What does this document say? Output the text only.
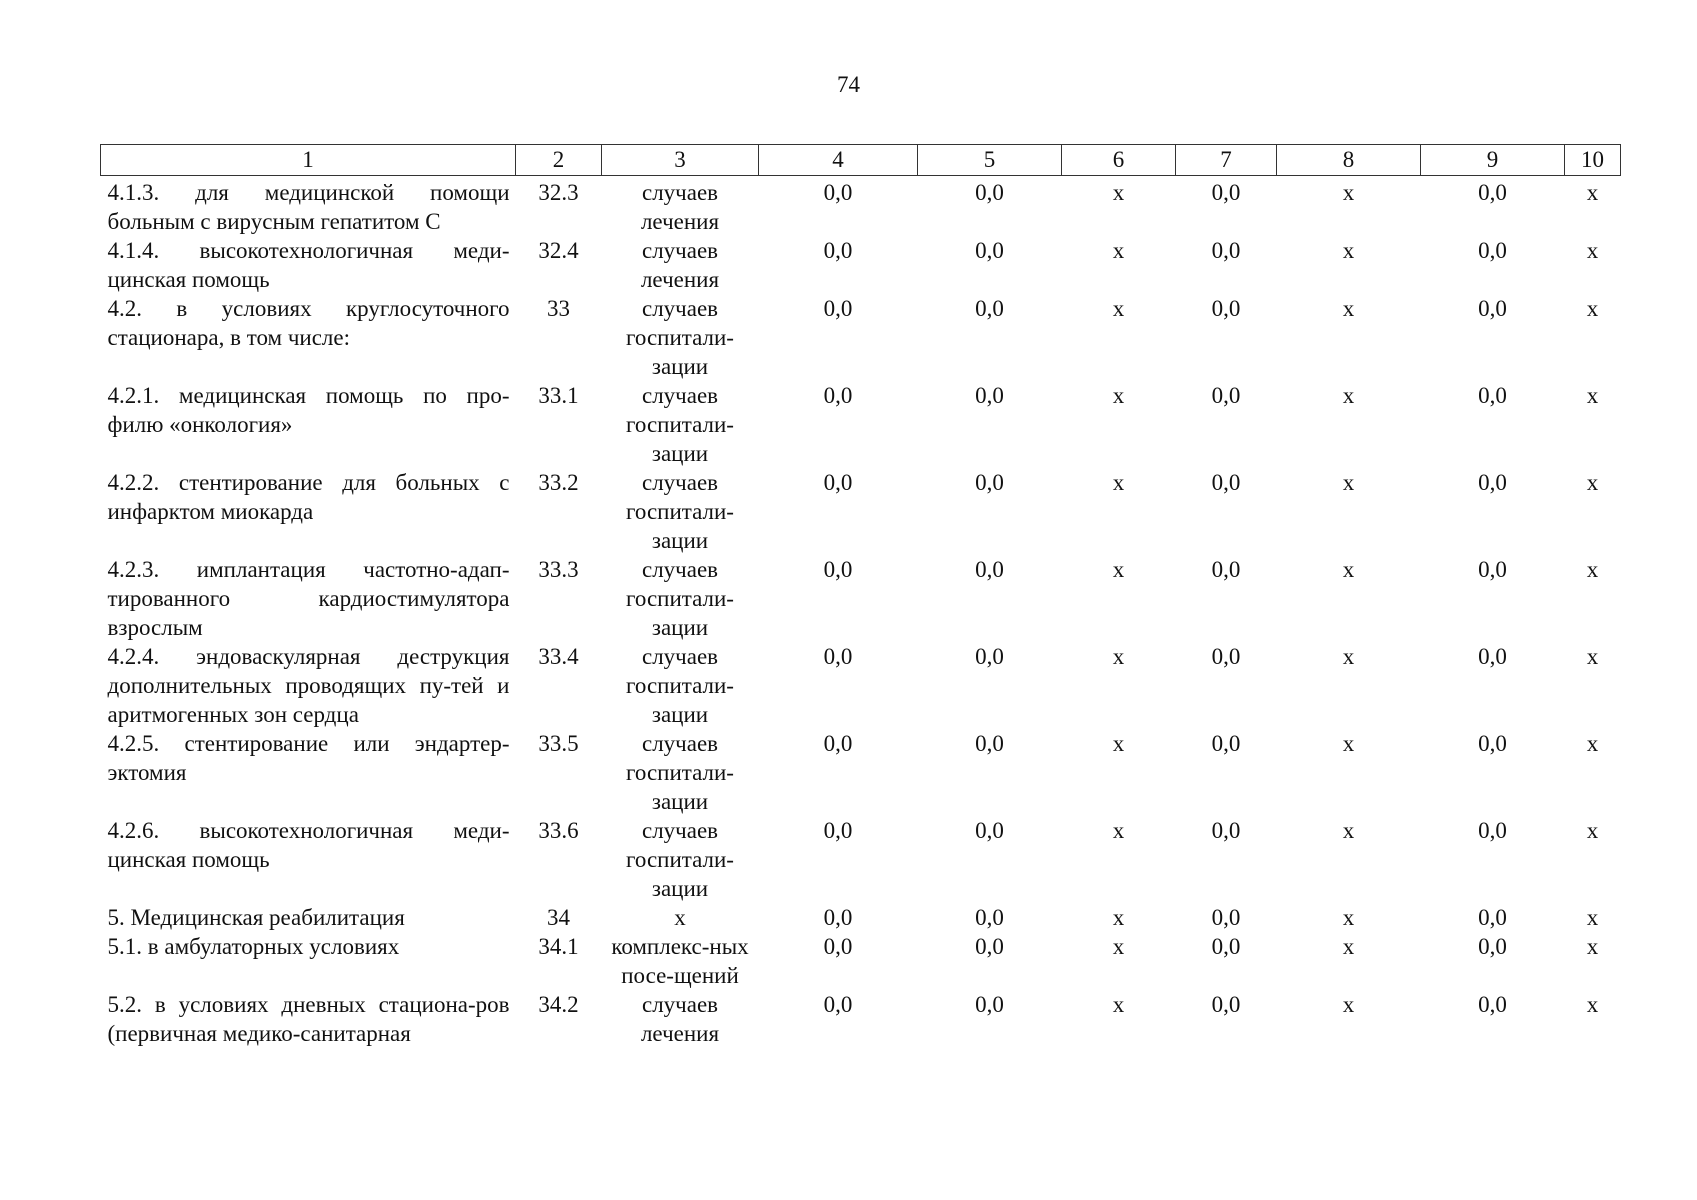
74
1	2	3	4	5	6	7	8	9	10
4.1.3. для медицинской помощи больным с вирусным гепатитом С	32.3	случаев лечения	0,0	0,0	х	0,0	х	0,0	х
4.1.4. высокотехнологичная меди-цинская помощь	32.4	случаев лечения	0,0	0,0	х	0,0	х	0,0	х
4.2. в условиях круглосуточного стационара, в том числе:	33	случаев госпитали-зации	0,0	0,0	х	0,0	х	0,0	х
4.2.1. медицинская помощь по про-филю «онкология»	33.1	случаев госпитали-зации	0,0	0,0	х	0,0	х	0,0	х
4.2.2. стентирование для больных с инфарктом миокарда	33.2	случаев госпитали-зации	0,0	0,0	х	0,0	х	0,0	х
4.2.3. имплантация частотно-адап-тированного кардиостимулятора взрослым	33.3	случаев госпитали-зации	0,0	0,0	х	0,0	х	0,0	х
4.2.4. эндоваскулярная деструкция дополнительных проводящих пу-тей и аритмогенных зон сердца	33.4	случаев госпитали-зации	0,0	0,0	х	0,0	х	0,0	х
4.2.5. стентирование или эндартер-эктомия	33.5	случаев госпитали-зации	0,0	0,0	х	0,0	х	0,0	х
4.2.6. высокотехнологичная меди-цинская помощь	33.6	случаев госпитали-зации	0,0	0,0	х	0,0	х	0,0	х
5. Медицинская реабилитация	34	х	0,0	0,0	х	0,0	х	0,0	х
5.1. в амбулаторных условиях	34.1	комплекс-ных посе-щений	0,0	0,0	х	0,0	х	0,0	х
5.2. в условиях дневных стациона-ров (первичная медико-санитарная	34.2	случаев лечения	0,0	0,0	х	0,0	х	0,0	х
